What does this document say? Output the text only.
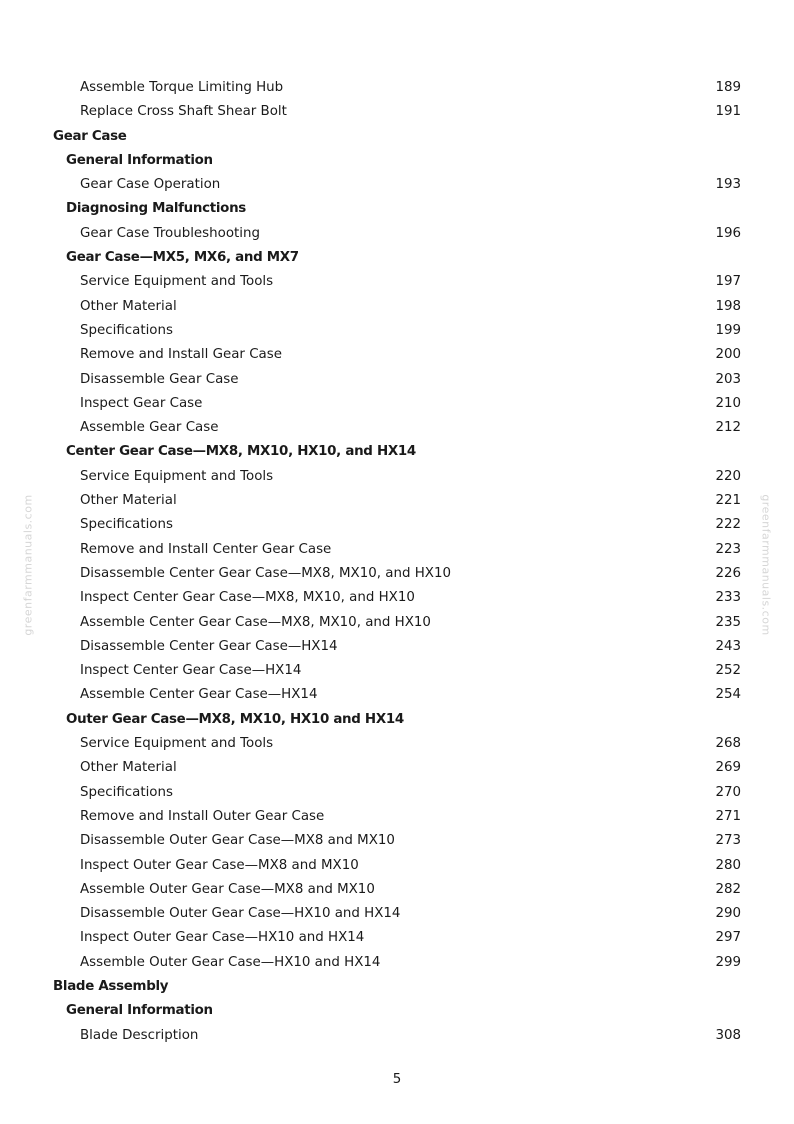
greenfarmmanuals.com	greenfarmmanuals.com
Assemble Torque Limiting Hub	189
Replace Cross Shaft Shear Bolt	191
Gear Case
General Information
Gear Case Operation	193
Diagnosing Malfunctions
Gear Case Troubleshooting	196
Gear Case—MX5, MX6, and MX7
Service Equipment and Tools	197
Other Material	198
Specifications	199
Remove and Install Gear Case	200
Disassemble Gear Case	203
Inspect Gear Case	210
Assemble Gear Case	212
Center Gear Case—MX8, MX10, HX10, and HX14
Service Equipment and Tools	220
Other Material	221
Specifications	222
Remove and Install Center Gear Case	223
Disassemble Center Gear Case—MX8, MX10, and HX10	226
Inspect Center Gear Case—MX8, MX10, and HX10	233
Assemble Center Gear Case—MX8, MX10, and HX10	235
Disassemble Center Gear Case—HX14	243
Inspect Center Gear Case—HX14	252
Assemble Center Gear Case—HX14	254
Outer Gear Case—MX8, MX10, HX10 and HX14
Service Equipment and Tools	268
Other Material	269
Specifications	270
Remove and Install Outer Gear Case	271
Disassemble Outer Gear Case—MX8 and MX10	273
Inspect Outer Gear Case—MX8 and MX10	280
Assemble Outer Gear Case—MX8 and MX10	282
Disassemble Outer Gear Case—HX10 and HX14	290
Inspect Outer Gear Case—HX10 and HX14	297
Assemble Outer Gear Case—HX10 and HX14	299
Blade Assembly
General Information
Blade Description	308
5
